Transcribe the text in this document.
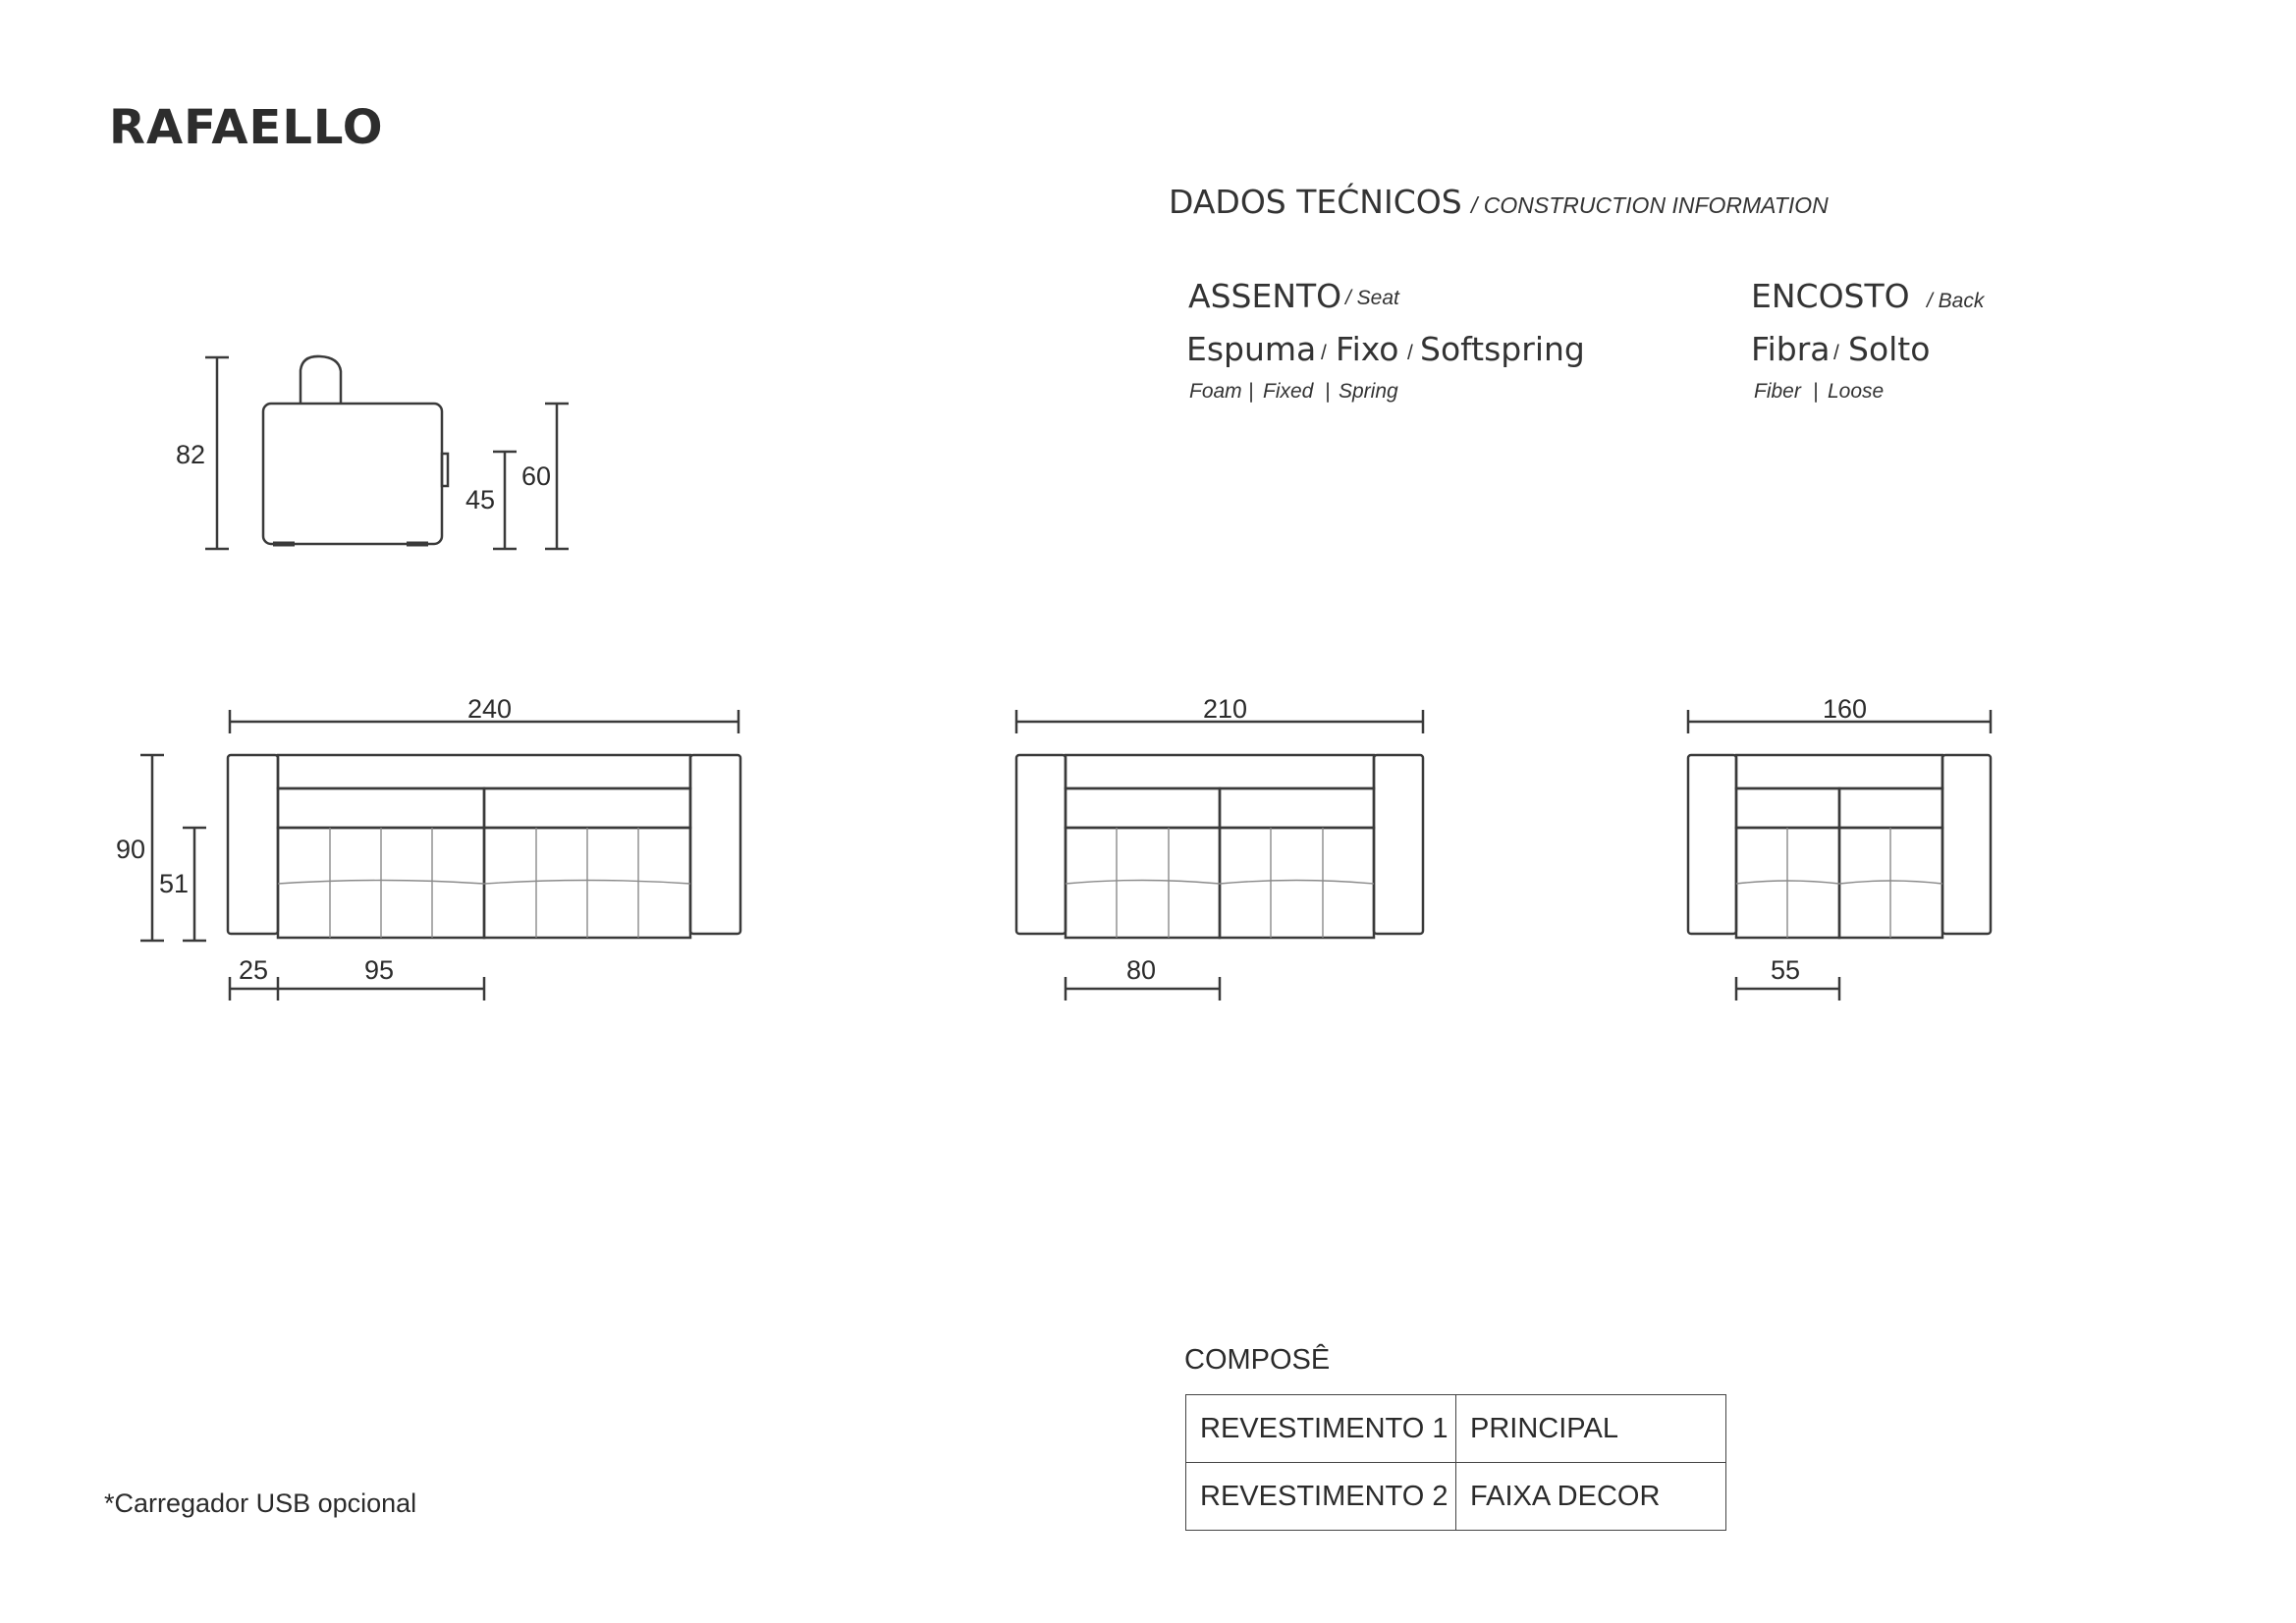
RAFAELLO
DADOS TEĆNICOS / CONSTRUCTION INFORMATION
ASSENTO / Seat
Espuma / Fixo / Softspring
Foam | Fixed | Spring
ENCOSTO / Back
Fibra / Solto
Fiber | Loose
82
45
60
240
90
51
25	95
210
80
160
55
*Carregador USB opcional
COMPOSÊ
REVESTIMENTO 1	PRINCIPAL
REVESTIMENTO 2	FAIXA DECOR
